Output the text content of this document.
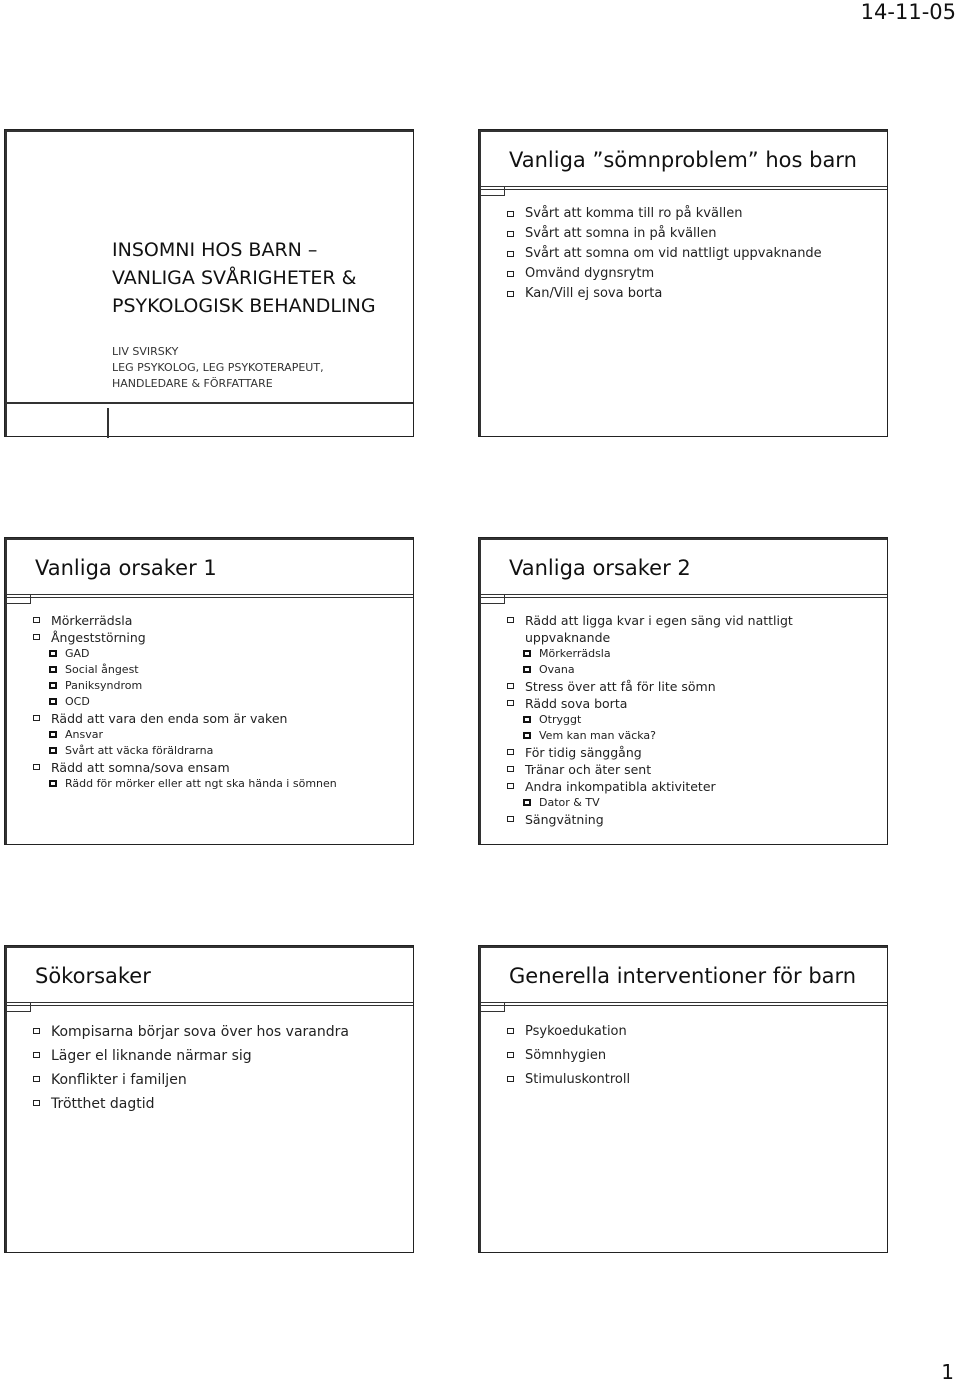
14-11-05
INSOMNI HOS BARN –
VANLIGA SVÅRIGHETER &
PSYKOLOGISK BEHANDLING
LIV SVIRSKY
LEG PSYKOLOG, LEG PSYKOTERAPEUT,
HANDLEDARE & FÖRFATTARE
Vanliga ”sömnproblem” hos barn
Svårt att komma till ro på kvällen
Svårt att somna in på kvällen
Svårt att somna om vid nattligt uppvaknande
Omvänd dygnsrytm
Kan/Vill ej sova borta
Vanliga orsaker 1
Mörkerrädsla
Ångeststörning
GAD
Social ångest
Paniksyndrom
OCD
Rädd att vara den enda som är vaken
Ansvar
Svårt att väcka föräldrarna
Rädd att somna/sova ensam
Rädd för mörker eller att ngt ska hända i sömnen
Vanliga orsaker 2
Rädd att ligga kvar i egen säng vid nattligt uppvaknande
Mörkerrädsla
Ovana
Stress över att få för lite sömn
Rädd sova borta
Otryggt
Vem kan man väcka?
För tidig sänggång
Tränar och äter sent
Andra inkompatibla aktiviteter
Dator & TV
Sängvätning
Sökorsaker
Kompisarna börjar sova över hos varandra
Läger el liknande närmar sig
Konflikter i familjen
Trötthet dagtid
Generella interventioner för barn
Psykoedukation
Sömnhygien
Stimuluskontroll
1
